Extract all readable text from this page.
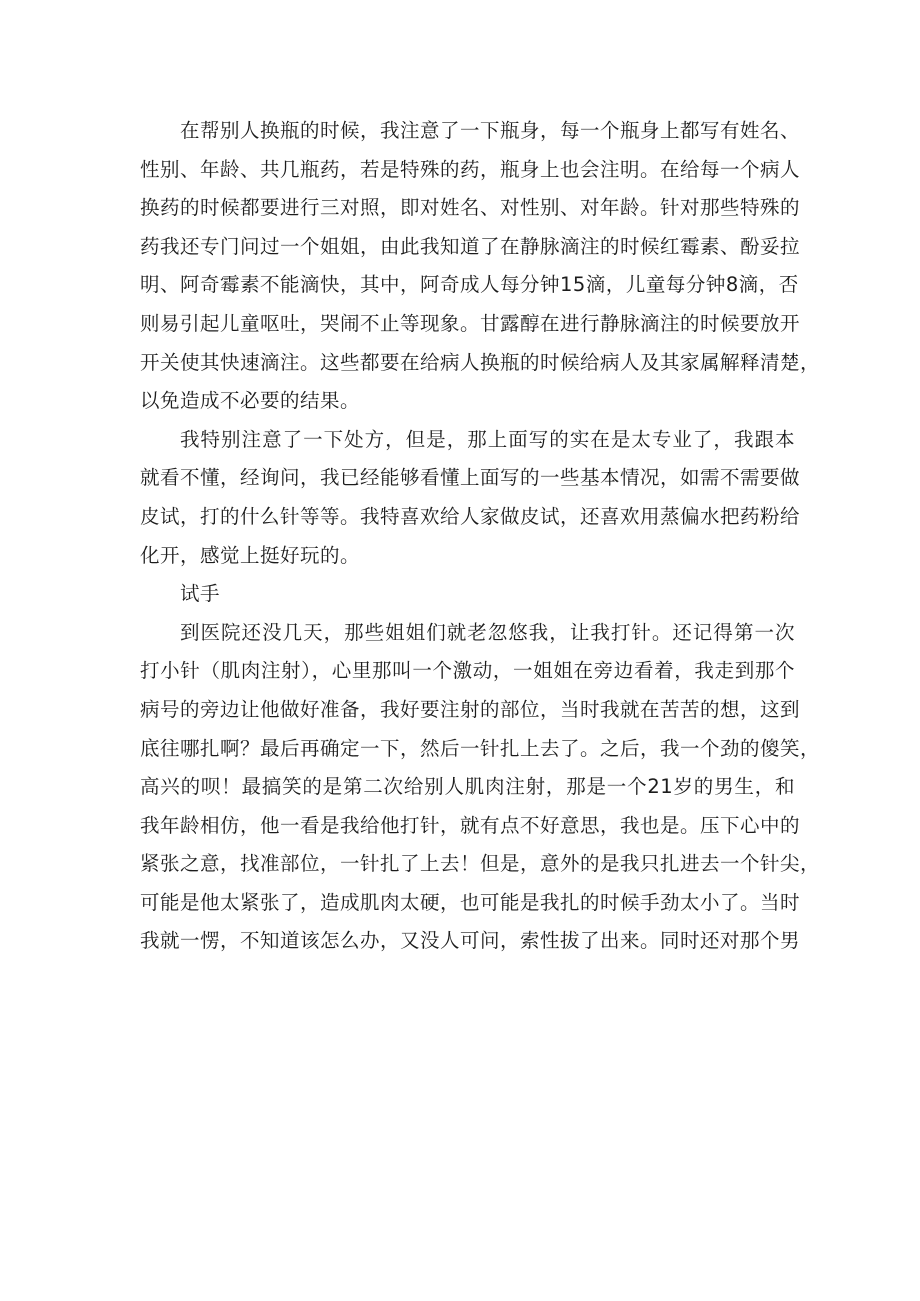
在帮别人换瓶的时候，我注意了一下瓶身，每一个瓶身上都写有姓名、
性别、年龄、共几瓶药，若是特殊的药，瓶身上也会注明。在给每一个病人
换药的时候都要进行三对照，即对姓名、对性别、对年龄。针对那些特殊的
药我还专门问过一个姐姐，由此我知道了在静脉滴注的时候红霉素、酚妥拉
明、阿奇霉素不能滴快，其中，阿奇成人每分钟15滴，儿童每分钟8滴，否
则易引起儿童呕吐，哭闹不止等现象。甘露醇在进行静脉滴注的时候要放开
开关使其快速滴注。这些都要在给病人换瓶的时候给病人及其家属解释清楚，
以免造成不必要的结果。
我特别注意了一下处方，但是，那上面写的实在是太专业了，我跟本
就看不懂，经询问，我已经能够看懂上面写的一些基本情况，如需不需要做
皮试，打的什么针等等。我特喜欢给人家做皮试，还喜欢用蒸偏水把药粉给
化开，感觉上挺好玩的。
试手
到医院还没几天，那些姐姐们就老忽悠我，让我打针。还记得第一次
打小针（肌肉注射），心里那叫一个激动，一姐姐在旁边看着，我走到那个
病号的旁边让他做好准备，我好要注射的部位，当时我就在苦苦的想，这到
底往哪扎啊？最后再确定一下，然后一针扎上去了。之后，我一个劲的傻笑，
高兴的呗！最搞笑的是第二次给别人肌肉注射，那是一个21岁的男生，和
我年龄相仿，他一看是我给他打针，就有点不好意思，我也是。压下心中的
紧张之意，找准部位，一针扎了上去！但是，意外的是我只扎进去一个针尖，
可能是他太紧张了，造成肌肉太硬，也可能是我扎的时候手劲太小了。当时
我就一愣，不知道该怎么办，又没人可问，索性拔了出来。同时还对那个男
